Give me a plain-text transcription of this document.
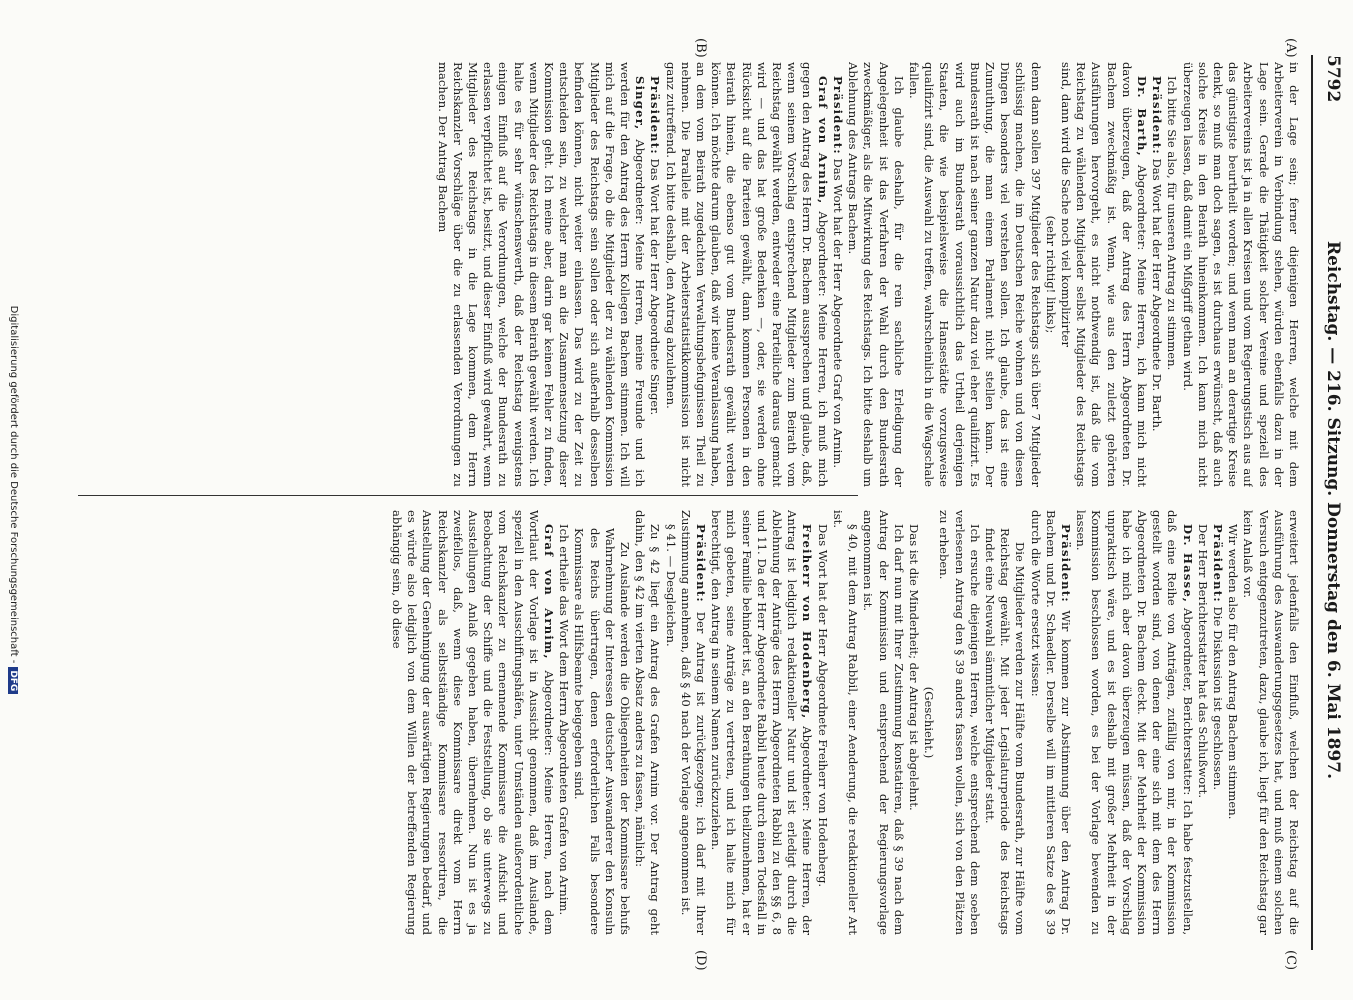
5792
Reichstag. — 216. Sitzung. Donnerstag den 6. Mai 1897.
(A)
(B)
(C)
(D)

in der Lage sein; ferner diejenigen Herren, welche mit dem Arbeiterverein in Verbindung stehen, würden ebenfalls dazu in der Lage sein. Gerade die Thätigkeit solcher Vereine und speziell des Arbeitervereins ist ja in allen Kreisen und vom Regierungstisch aus auf das günstigste beurtheilt worden; und wenn man an derartige Kreise denkt, so muß man doch sagen, es ist durchaus erwünscht, daß auch solche Kreise in den Beirath hineinkommen. Ich kann mich nicht überzeugen lassen, daß damit ein Mißgriff gethan wird.

Ich bitte Sie also, für unseren Antrag zu stimmen.

Präsident: Das Wort hat der Herr Abgeordnete Dr. Barth.

Dr. Barth, Abgeordneter: Meine Herren, ich kann mich nicht davon überzeugen, daß der Antrag des Herrn Abgeordneten Dr. Bachem zweckmäßig ist. Wenn, wie aus den zuletzt gehörten Ausführungen hervorgeht, es nicht nothwendig ist, daß die vom Reichstag zu wählenden Mitglieder selbst Mitglieder des Reichstags sind, dann wird die Sache noch viel komplizirter

(sehr richtig! links);

denn dann sollen 397 Mitglieder des Reichstags sich über 7 Mitglieder schlüssig machen, die im Deutschen Reiche wohnen und von diesen Dingen besonders viel verstehen sollen. Ich glaube, das ist eine Zumuthung, die man einem Parlament nicht stellen kann. Der Bundesrath ist nach seiner ganzen Natur dazu viel eher qualifizirt. Es wird auch im Bundesrath voraussichtlich das Urtheil derjenigen Staaten, die wie beispielsweise die Hansestädte vorzugsweise qualifizirt sind, die Auswahl zu treffen, wahrscheinlich in die Wagschale fallen.

Ich glaube deshalb, für die rein sachliche Erledigung der Angelegenheit ist das Verfahren der Wahl durch den Bundesrath zweckmäßiger, als die Mitwirkung des Reichstags. Ich bitte deshalb um Ablehnung des Antrags Bachem.

Präsident: Das Wort hat der Herr Abgeordnete Graf von Arnim.

Graf von Arnim, Abgeordneter: Meine Herren, ich muß mich gegen den Antrag des Herrn Dr. Bachem aussprechen und glaube, daß, wenn seinem Vorschlag entsprechend Mitglieder zum Beirath vom Reichstag gewählt werden, entweder eine Parteiliche daraus gemacht wird — und das hat große Bedenken —, oder, sie werden ohne Rücksicht auf die Parteien gewählt, dann kommen Personen in den Beirath hinein, die ebenso gut vom Bundesrath gewählt werden können. Ich möchte darum glauben, daß wir keine Veranlassung haben, an dem vom Beirath zugedachten Verwaltungsbefugnissen Theil zu nehmen. Die Parallele mit der Arbeiterstatistikkommission ist nicht ganz zutreffend. Ich bitte deshalb, den Antrag abzulehnen.

Präsident: Das Wort hat der Herr Abgeordnete Singer.

Singer, Abgeordneter: Meine Herren, meine Freunde und ich werden für den Antrag des Herrn Kollegen Bachem stimmen. Ich will mich auf die Frage, ob die Mitglieder der zu wählenden Kommission Mitglieder des Reichstags sein sollen oder sich außerhalb desselben befinden können, nicht weiter einlassen. Das wird zu der Zeit zu entscheiden sein, zu welcher man an die Zusammensetzung dieser Kommission geht. Ich meine aber, darin gar keinen Fehler zu finden, wenn Mitglieder des Reichstags in diesem Beirath gewählt werden. Ich halte es für sehr wünschenswerth, daß der Reichstag wenigstens einigen Einfluß auf die Verordnungen, welche der Bundesrath zu erlassen verpflichtet ist, besitzt, und dieser Einfluß wird gewahrt, wenn Mitglieder des Reichstags in die Lage kommen, dem Herrn Reichskanzler Vorschläge über die zu erlassenden Verordnungen zu machen. Der Antrag Bachem

erweitert jedenfalls den Einfluß, welchen der Reichstag auf die Ausführung des Auswanderungsgesetzes hat, und muß einem solchen Versuch entgegenzutreten, dazu, glaube ich, liegt für den Reichstag gar kein Anlaß vor.

Wir werden also für den Antrag Bachem stimmen.

Präsident: Die Diskussion ist geschlossen.

Der Herr Berichterstatter hat das Schlußwort.

Dr. Hasse, Abgeordneter, Berichterstatter: Ich habe festzustellen, daß eine Reihe von Anträgen, zufällig von mir, in der Kommission gestellt worden sind, von denen der eine sich mit dem des Herrn Abgeordneten Dr. Bachem deckt. Mit der Mehrheit der Kommission habe ich mich aber davon überzeugen müssen, daß der Vorschlag unpraktisch wäre, und es ist deshalb mit großer Mehrheit in der Kommission beschlossen worden, es bei der Vorlage bewenden zu lassen.

Präsident: Wir kommen zur Abstimmung über den Antrag Dr. Bachem und Dr. Schaedler. Derselbe will im mittleren Satze des § 39 durch die Worte ersetzt wissen:

Die Mitglieder werden zur Hälfte vom Bundesrath, zur Hälfte vom Reichstag gewählt. Mit jeder Legislaturperiode des Reichstags findet eine Neuwahl sämmtlicher Mitglieder statt.

Ich ersuche diejenigen Herren, welche entsprechend dem soeben verlesenen Antrag den § 39 anders fassen wollen, sich von den Plätzen zu erheben.

(Geschieht.)

Das ist die Minderheit; der Antrag ist abgelehnt.

Ich darf nun mit Ihrer Zustimmung konstatiren, daß § 39 nach dem Antrag der Kommission und entsprechend der Regierungsvorlage angenommen ist.

§ 40, mit dem Antrag Rabbil, einer Aenderung, die redaktioneller Art ist.

Das Wort hat der Herr Abgeordnete Freiherr von Hodenberg.

Freiherr von Hodenberg, Abgeordneter: Meine Herren, der Antrag ist lediglich redaktioneller Natur und ist erledigt durch die Ablehnung der Anträge des Herrn Abgeordneten Rabbil zu den §§ 6, 8 und 11. Da der Herr Abgeordnete Rabbil heute durch einen Todesfall in seiner Familie behindert ist, an den Berathungen theilzunehmen, hat er mich gebeten, seine Anträge zu vertreten, und ich halte mich für berechtigt, den Antrag in seinem Namen zurückzuziehen.

Präsident: Der Antrag ist zurückgezogen; ich darf mit Ihrer Zustimmung annehmen, daß § 40 nach der Vorlage angenommen ist.

§ 41. — Desgleichen.

Zu § 42 liegt ein Antrag des Grafen Arnim vor. Der Antrag geht dahin, den § 42 im vierten Absatz anders zu fassen, nämlich:

Zu Auslande werden die Obliegenheiten der Kommissare behufs Wahrnehmung der Interessen deutscher Auswanderer den Konsuln des Reichs übertragen, denen erforderlichen Falls besondere Kommissare als Hilfsbeamte beigegeben sind.

Ich ertheile das Wort dem Herrn Abgeordneten Grafen von Arnim.

Graf von Arnim, Abgeordneter: Meine Herren, nach dem Wortlaut der Vorlage ist in Aussicht genommen, daß im Auslande, speziell in den Ausschiffungshäfen, unter Umständen außerordentliche vom Reichskanzler zu ernennende Kommissare die Aufsicht und Beobachtung der Schiffe und die Feststellung, ob sie unterwegs zu Ausstellungen Anlaß gegeben haben, übernehmen. Nun ist es ja zweifellos, daß, wenn diese Kommissare direkt vom Herrn Reichskanzler als selbstständige Kommissare ressortiren, die Anstellung der Genehmigung der auswärtigen Regierungen bedarf, und es würde also lediglich von dem Willen der betreffenden Regierung abhängig sein, ob diese

Digitalisierung gefördert durch die Deutsche Forschungsgemeinschaft -DFG
